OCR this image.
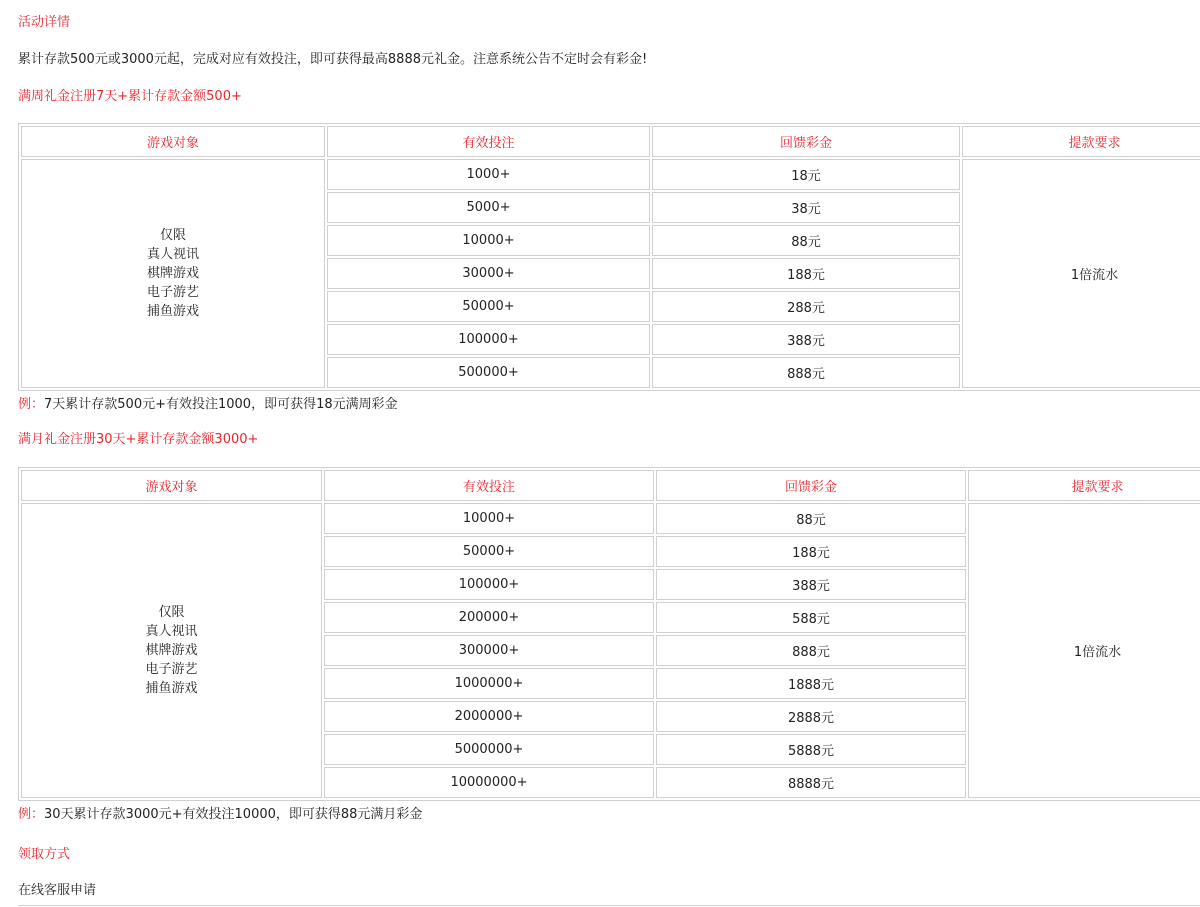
活动详情
累计存款500元或3000元起，完成对应有效投注，即可获得最高8888元礼金。注意系统公告不定时会有彩金!
满周礼金注册7天+累计存款金额500+
游戏对象	有效投注	回馈彩金	提款要求

仅限
真人视讯
棋牌游戏
电子游艺
捕鱼游戏	1000+	18元	1倍流水
	5000+	38元	
	10000+	88元	
	30000+	188元	
	50000+	288元	
	100000+	388元	
	500000+	888元	
例：7天累计存款500元+有效投注1000，即可获得18元满周彩金
满月礼金注册30天+累计存款金额3000+
游戏对象	有效投注	回馈彩金	提款要求

仅限
真人视讯
棋牌游戏
电子游艺
捕鱼游戏	10000+	88元	1倍流水
	50000+	188元	
	100000+	388元	
	200000+	588元	
	300000+	888元	
	1000000+	1888元	
	2000000+	2888元	
	5000000+	5888元	
	10000000+	8888元	
例：30天累计存款3000元+有效投注10000，即可获得88元满月彩金
领取方式
在线客服申请
